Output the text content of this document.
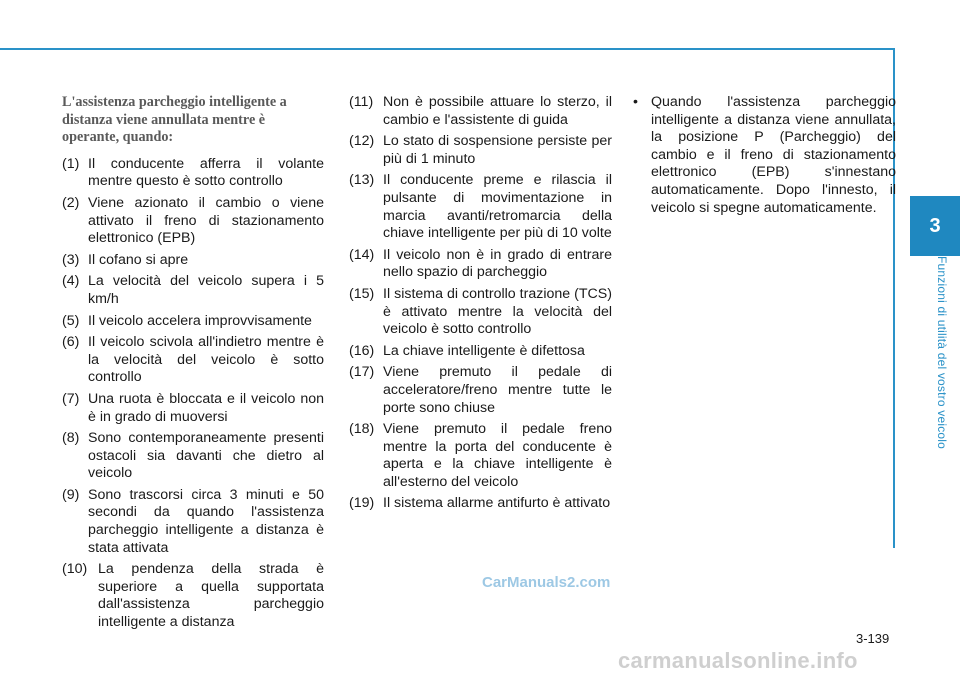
3
Funzioni di utilità del vostro veicolo

L'assistenza parcheggio intelligente a distanza viene annullata mentre è operante, quando:

(1) Il conducente afferra il volante mentre questo è sotto controllo
(2) Viene azionato il cambio o viene attivato il freno di stazionamento elettronico (EPB)
(3) Il cofano si apre
(4) La velocità del veicolo supera i 5 km/h
(5) Il veicolo accelera improvvisamente
(6) Il veicolo scivola all'indietro mentre è la velocità del veicolo è sotto controllo
(7) Una ruota è bloccata e il veicolo non è in grado di muoversi
(8) Sono contemporaneamente presenti ostacoli sia davanti che dietro al veicolo
(9) Sono trascorsi circa 3 minuti e 50 secondi da quando l'assistenza parcheggio intelligente a distanza è stata attivata
(10) La pendenza della strada è superiore a quella supportata dall'assistenza parcheggio intelligente a distanza
(11) Non è possibile attuare lo sterzo, il cambio e l'assistente di guida
(12) Lo stato di sospensione persiste per più di 1 minuto
(13) Il conducente preme e rilascia il pulsante di movimentazione in marcia avanti/retromarcia della chiave intelligente per più di 10 volte
(14) Il veicolo non è in grado di entrare nello spazio di parcheggio
(15) Il sistema di controllo trazione (TCS) è attivato mentre la velocità del veicolo è sotto controllo
(16) La chiave intelligente è difettosa
(17) Viene premuto il pedale di acceleratore/freno mentre tutte le porte sono chiuse
(18) Viene premuto il pedale freno mentre la porta del conducente è aperta e la chiave intelligente è all'esterno del veicolo
(19) Il sistema allarme antifurto è attivato
• Quando l'assistenza parcheggio intelligente a distanza viene annullata, la posizione P (Parcheggio) del cambio e il freno di stazionamento elettronico (EPB) s'innestano automaticamente. Dopo l'innesto, il veicolo si spegne automaticamente.
CarManuals2.com
3-139
carmanualsonline.info
